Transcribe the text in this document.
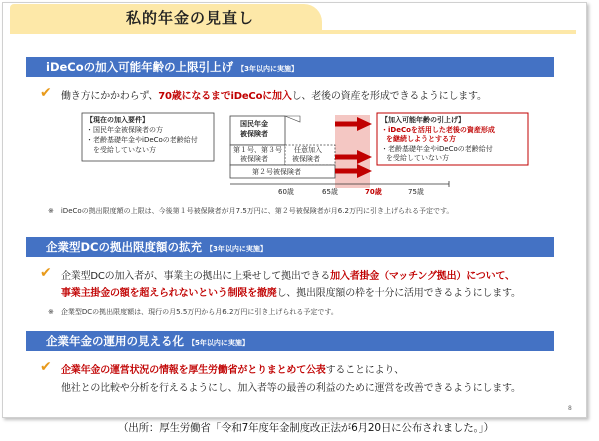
私的年金の見直し
iDeCoの加入可能年齢の上限引上げ 【3年以内に実施】
✔ 働き方にかかわらず、70歳になるまでiDeCoに加入し、老後の資産を形成できるようにします。
【現在の加入要件】
・国民年金被保険者の方
・老齢基礎年金やiDeCoの老齢給付
　を受給していない方
国民年金
被保険者
第１号、第３号
被保険者
任意加入
被保険者
第２号被保険者
【加入可能年齢の引上げ】
・iDeCoを活用した老後の資産形成
を継続しようとする方
・老齢基礎年金やiDeCoの老齢給付
を受給していない方
60歳	65歳	70歳	75歳
※　iDeCoの拠出限度額の上限は、今後第１号被保険者が月7.5万円に、第２号被保険者が月6.2万円に引き上げられる予定です。
企業型DCの拠出限度額の拡充 【3年以内に実施】
✔ 企業型DCの加入者が、事業主の拠出に上乗せして拠出できる加入者掛金（マッチング拠出）について、
事業主掛金の額を超えられないという制限を撤廃し、拠出限度額の枠を十分に活用できるようにします。
※　企業型DCの拠出限度額は、現行の月5.5万円から月6.2万円に引き上げられる予定です。
企業年金の運用の見える化 【5年以内に実施】
✔ 企業年金の運営状況の情報を厚生労働省がとりまとめて公表することにより、
他社との比較や分析を行えるようにし、加入者等の最善の利益のために運営を改善できるようにします。
8
（出所：厚生労働省「令和7年度年金制度改正法が6月20日に公布されました。」）
